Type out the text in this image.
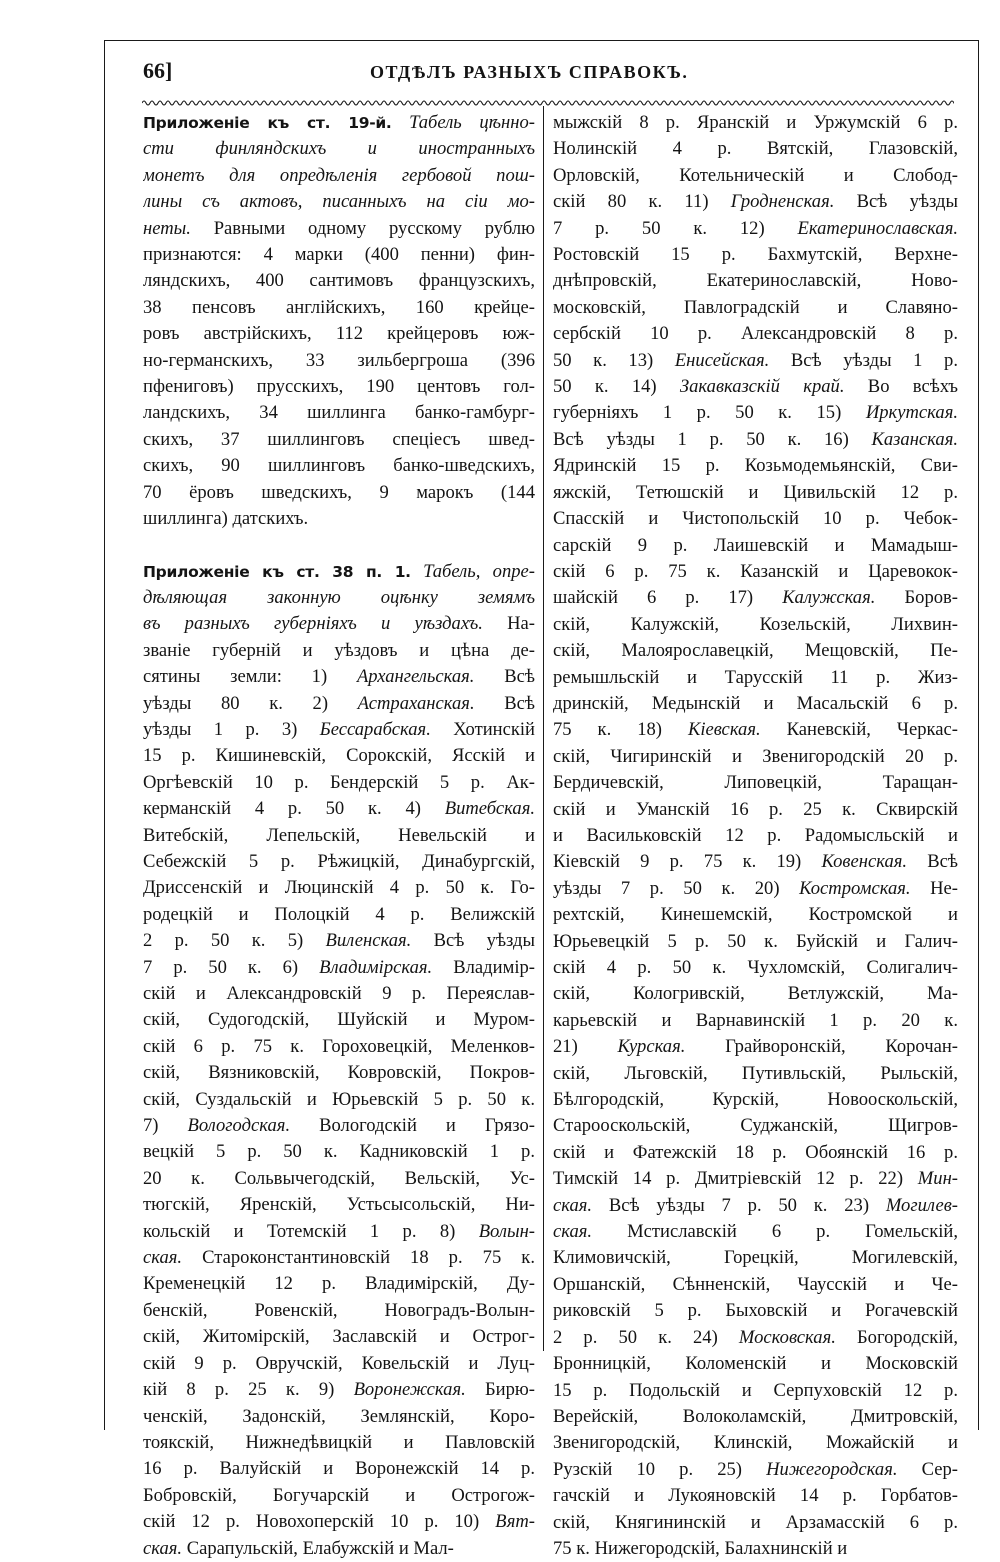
66]	ОТДѢЛЪ РАЗНЫХЪ СПРАВОКЪ.
Приложеніе къ ст. 19-й. Табель цѣнно-
сти финляндскихъ и иностранныхъ
монетъ для опредѣленія гербовой пош-
лины съ актовъ, писанныхъ на сіи мо-
неты. Равными одному русскому рублю
признаются: 4 марки (400 пенни) фин-
ляндскихъ, 400 сантимовъ французскихъ,
38 пенсовъ англійскихъ, 160 крейце-
ровъ австрійскихъ, 112 крейцеровъ юж-
но-германскихъ, 33 зильбергроша (396
пфениговъ) прусскихъ, 190 центовъ гол-
ландскихъ, 34 шиллинга банко-гамбург-
скихъ, 37 шиллинговъ спецiесъ швед-
скихъ, 90 шиллинговъ банко-шведскихъ,
70 ёровъ шведскихъ, 9 марокъ (144
шиллинга) датскихъ.
Приложеніе къ ст. 38 п. 1. Табель, опре-
дѣляющая законную оцѣнку земямъ
въ разныхъ губерніяхъ и уѣздахъ. На-
званіе губерній и уѣздовъ и цѣна де-
сятины земли: 1) Архангельская. Всѣ
уѣзды 80 к. 2) Астраханская. Всѣ
уѣзды 1 р. 3) Бессарабская. Хотинскій
15 р. Кишиневскій, Сорокскій, Ясскій и
Оргѣевскій 10 р. Бендерскій 5 р. Ак-
керманскій 4 р. 50 к. 4) Витебская.
Витебскій, Лепельскій, Невельскій и
Себежскій 5 р. Рѣжицкій, Динабургскій,
Дриссенскій и Люцинскій 4 р. 50 к. Го-
родецкій и Полоцкій 4 р. Велижскій
2 р. 50 к. 5) Виленская. Всѣ уѣзды
7 р. 50 к. 6) Владимірская. Владимір-
скій и Александровскій 9 р. Переяслав-
скій, Судогодскій, Шуйскій и Муром-
скій 6 р. 75 к. Гороховецкій, Меленков-
скій, Вязниковскій, Ковровскій, Покров-
скій, Суздальскій и Юрьевскій 5 р. 50 к.
7) Вологодская. Вологодскій и Грязо-
вецкій 5 р. 50 к. Кадниковскій 1 р.
20 к. Сольвычегодскій, Вельскій, Ус-
тюгскій, Яренскій, Устьсысольскій, Ни-
кольскій и Тотемскій 1 р. 8) Волын-
ская. Староконстантиновскій 18 р. 75 к.
Кременецкій 12 р. Владимірскій, Ду-
бенскій, Ровенскій, Новоградъ-Волын-
скій, Житомірскій, Заславскій и Острог-
скій 9 р. Овручскій, Ковельскій и Луц-
кій 8 р. 25 к. 9) Воронежская. Бирю-
ченскій, Задонскій, Землянскій, Коро-
тоякскій, Нижнедѣвицкій и Павловскій
16 р. Валуйскій и Воронежскій 14 р.
Бобровскій, Богучарскій и Острогож-
скій 12 р. Новохоперскій 10 р. 10) Вят-
ская. Сарапульскій, Елабужскій и Мал-
мыжскій 8 р. Яранскій и Уржумскій 6 р.
Нолинскій 4 р. Вятскій, Глазовскій,
Орловскій, Котельническій и Слобод-
скій 80 к. 11) Гродненская. Всѣ уѣзды
7 р. 50 к. 12) Екатеринославская.
Ростовскій 15 р. Бахмутскій, Верхне-
днѣпровскій, Екатеринославскій, Ново-
московскій, Павлоградскій и Славяно-
сербскій 10 р. Александровскій 8 р.
50 к. 13) Енисейская. Всѣ уѣзды 1 р.
50 к. 14) Закавказскій край. Во всѣхъ
губерніяхъ 1 р. 50 к. 15) Иркутская.
Всѣ уѣзды 1 р. 50 к. 16) Казанская.
Ядринскій 15 р. Козьмодемьянскій, Сви-
яжскій, Тетюшскій и Цивильскій 12 р.
Спасскій и Чистопольскій 10 р. Чебок-
сарскій 9 р. Лаишевскій и Мамадыш-
скій 6 р. 75 к. Казанскій и Царевокок-
шайскій 6 р. 17) Калужская. Боров-
скій, Калужскій, Козельскій, Лихвин-
скій, Малоярославецкій, Мещовскій, Пе-
ремышльскій и Тарусскій 11 р. Жиз-
дринскій, Медынскій и Масальскій 6 р.
75 к. 18) Кіевская. Каневскій, Черкас-
скій, Чигиринскій и Звенигородскій 20 р.
Бердичевскій, Липовецкій, Таращан-
скій и Уманскій 16 р. 25 к. Сквирскій
и Васильковскій 12 р. Радомысльскій и
Кіевскій 9 р. 75 к. 19) Ковенская. Всѣ
уѣзды 7 р. 50 к. 20) Костромская. Не-
рехтскій, Кинешемскій, Костромской и
Юрьевецкій 5 р. 50 к. Буйскій и Галич-
скій 4 р. 50 к. Чухломскій, Солигалич-
скій, Кологривскій, Ветлужскій, Ма-
карьевскій и Варнавинскій 1 р. 20 к.
21) Курская. Грайворонскій, Корочан-
скій, Льговскій, Путивльскій, Рыльскій,
Бѣлгородскій, Курскій, Новооскольскій,
Старооскольскій, Суджанскій, Щигров-
скій и Фатежскій 18 р. Обоянскій 16 р.
Тимскій 14 р. Дмитріевскій 12 р. 22) Мин-
ская. Всѣ уѣзды 7 р. 50 к. 23) Могилев-
ская. Мстиславскій 6 р. Гомельскій,
Климовичскій, Горецкій, Могилевскій,
Оршанскій, Сѣнненскій, Чаусскій и Че-
риковскій 5 р. Быховскій и Рогачевскій
2 р. 50 к. 24) Московская. Богородскій,
Бронницкій, Коломенскій и Московскій
15 р. Подольскій и Серпуховскій 12 р.
Верейскій, Волоколамскій, Дмитровскій,
Звенигородскій, Клинскій, Можайскій и
Рузскій 10 р. 25) Нижегородская. Сер-
гачскій и Лукояновскій 14 р. Горбатов-
скій, Княгининскій и Арзамасскій 6 р.
75 к. Нижегородскій, Балахнинскій и
